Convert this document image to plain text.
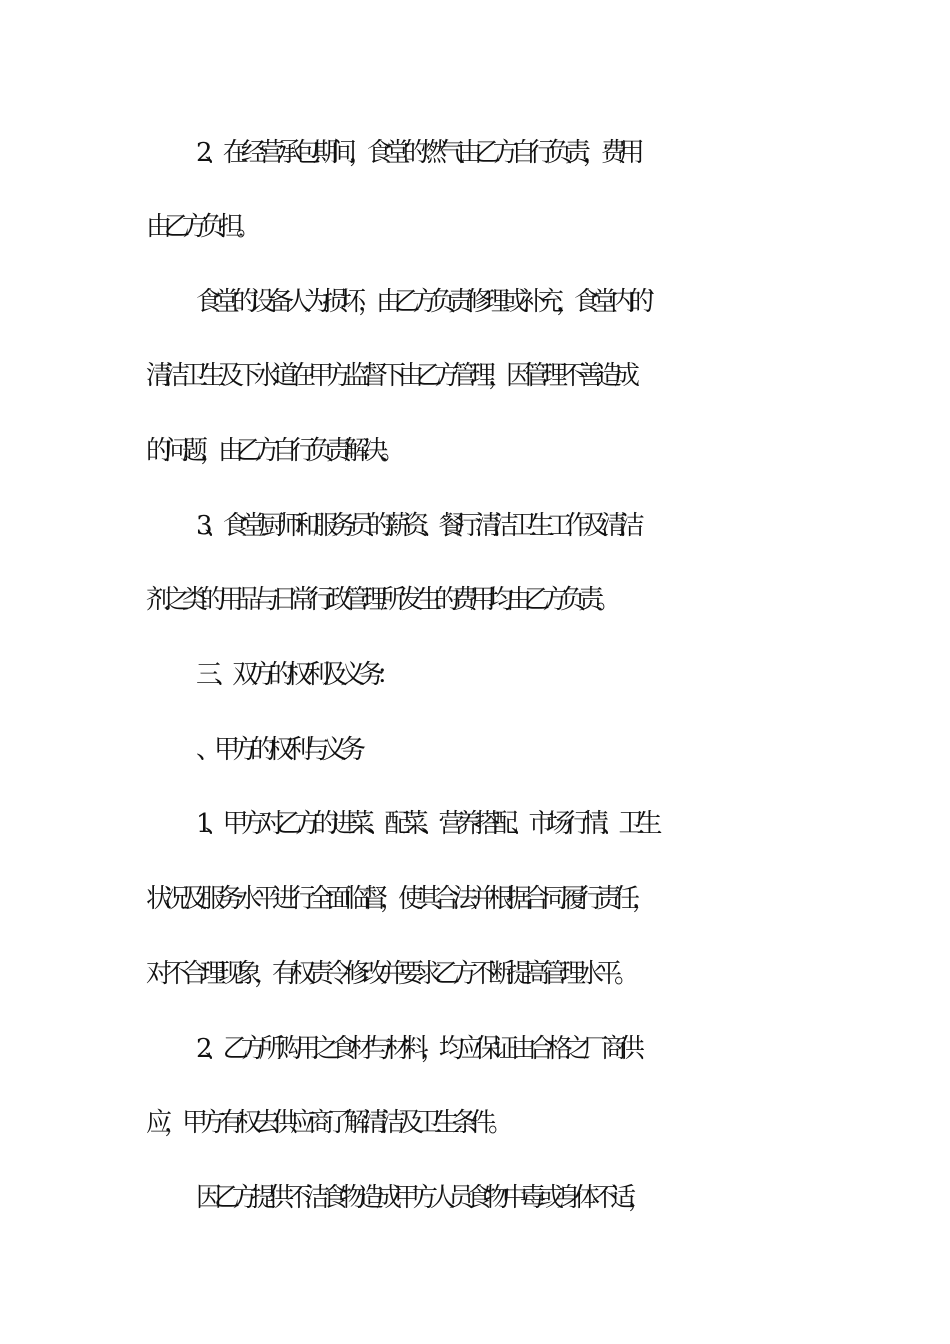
2、 在经营承包期间，食堂的燃气由乙方自行负责，费用
由乙方负担。
食堂的设备人为损坏，由乙方负责修理或补充，食堂内的`
清洁卫生及下水道在甲方监督下由乙方管理，因管理不善造成
的问题，由乙方自行负责解决。
3、 食堂厨师和服务员的薪资、餐厅清洁卫生工作及清洁
剂之类的用品与日常行政管理所发生的费用均由乙方负责。
三、 双方的权利及义务：
、甲方的权利与义务
1、甲方对乙方的进菜、配菜、营养搭配、市场行情、卫生
状况及服务水平进行全面临督，使其合法并根据合同履行责任，
对不合理现象，有权责令修改并要求乙方不断提高管理水平。
2、 乙方所购用之食材与材料，均应保证由合格之厂商供
应，甲方有权去供应商了解清洁及卫生条件。
因乙方提供不洁食物造成甲方人员食物中毒或身体不适，
